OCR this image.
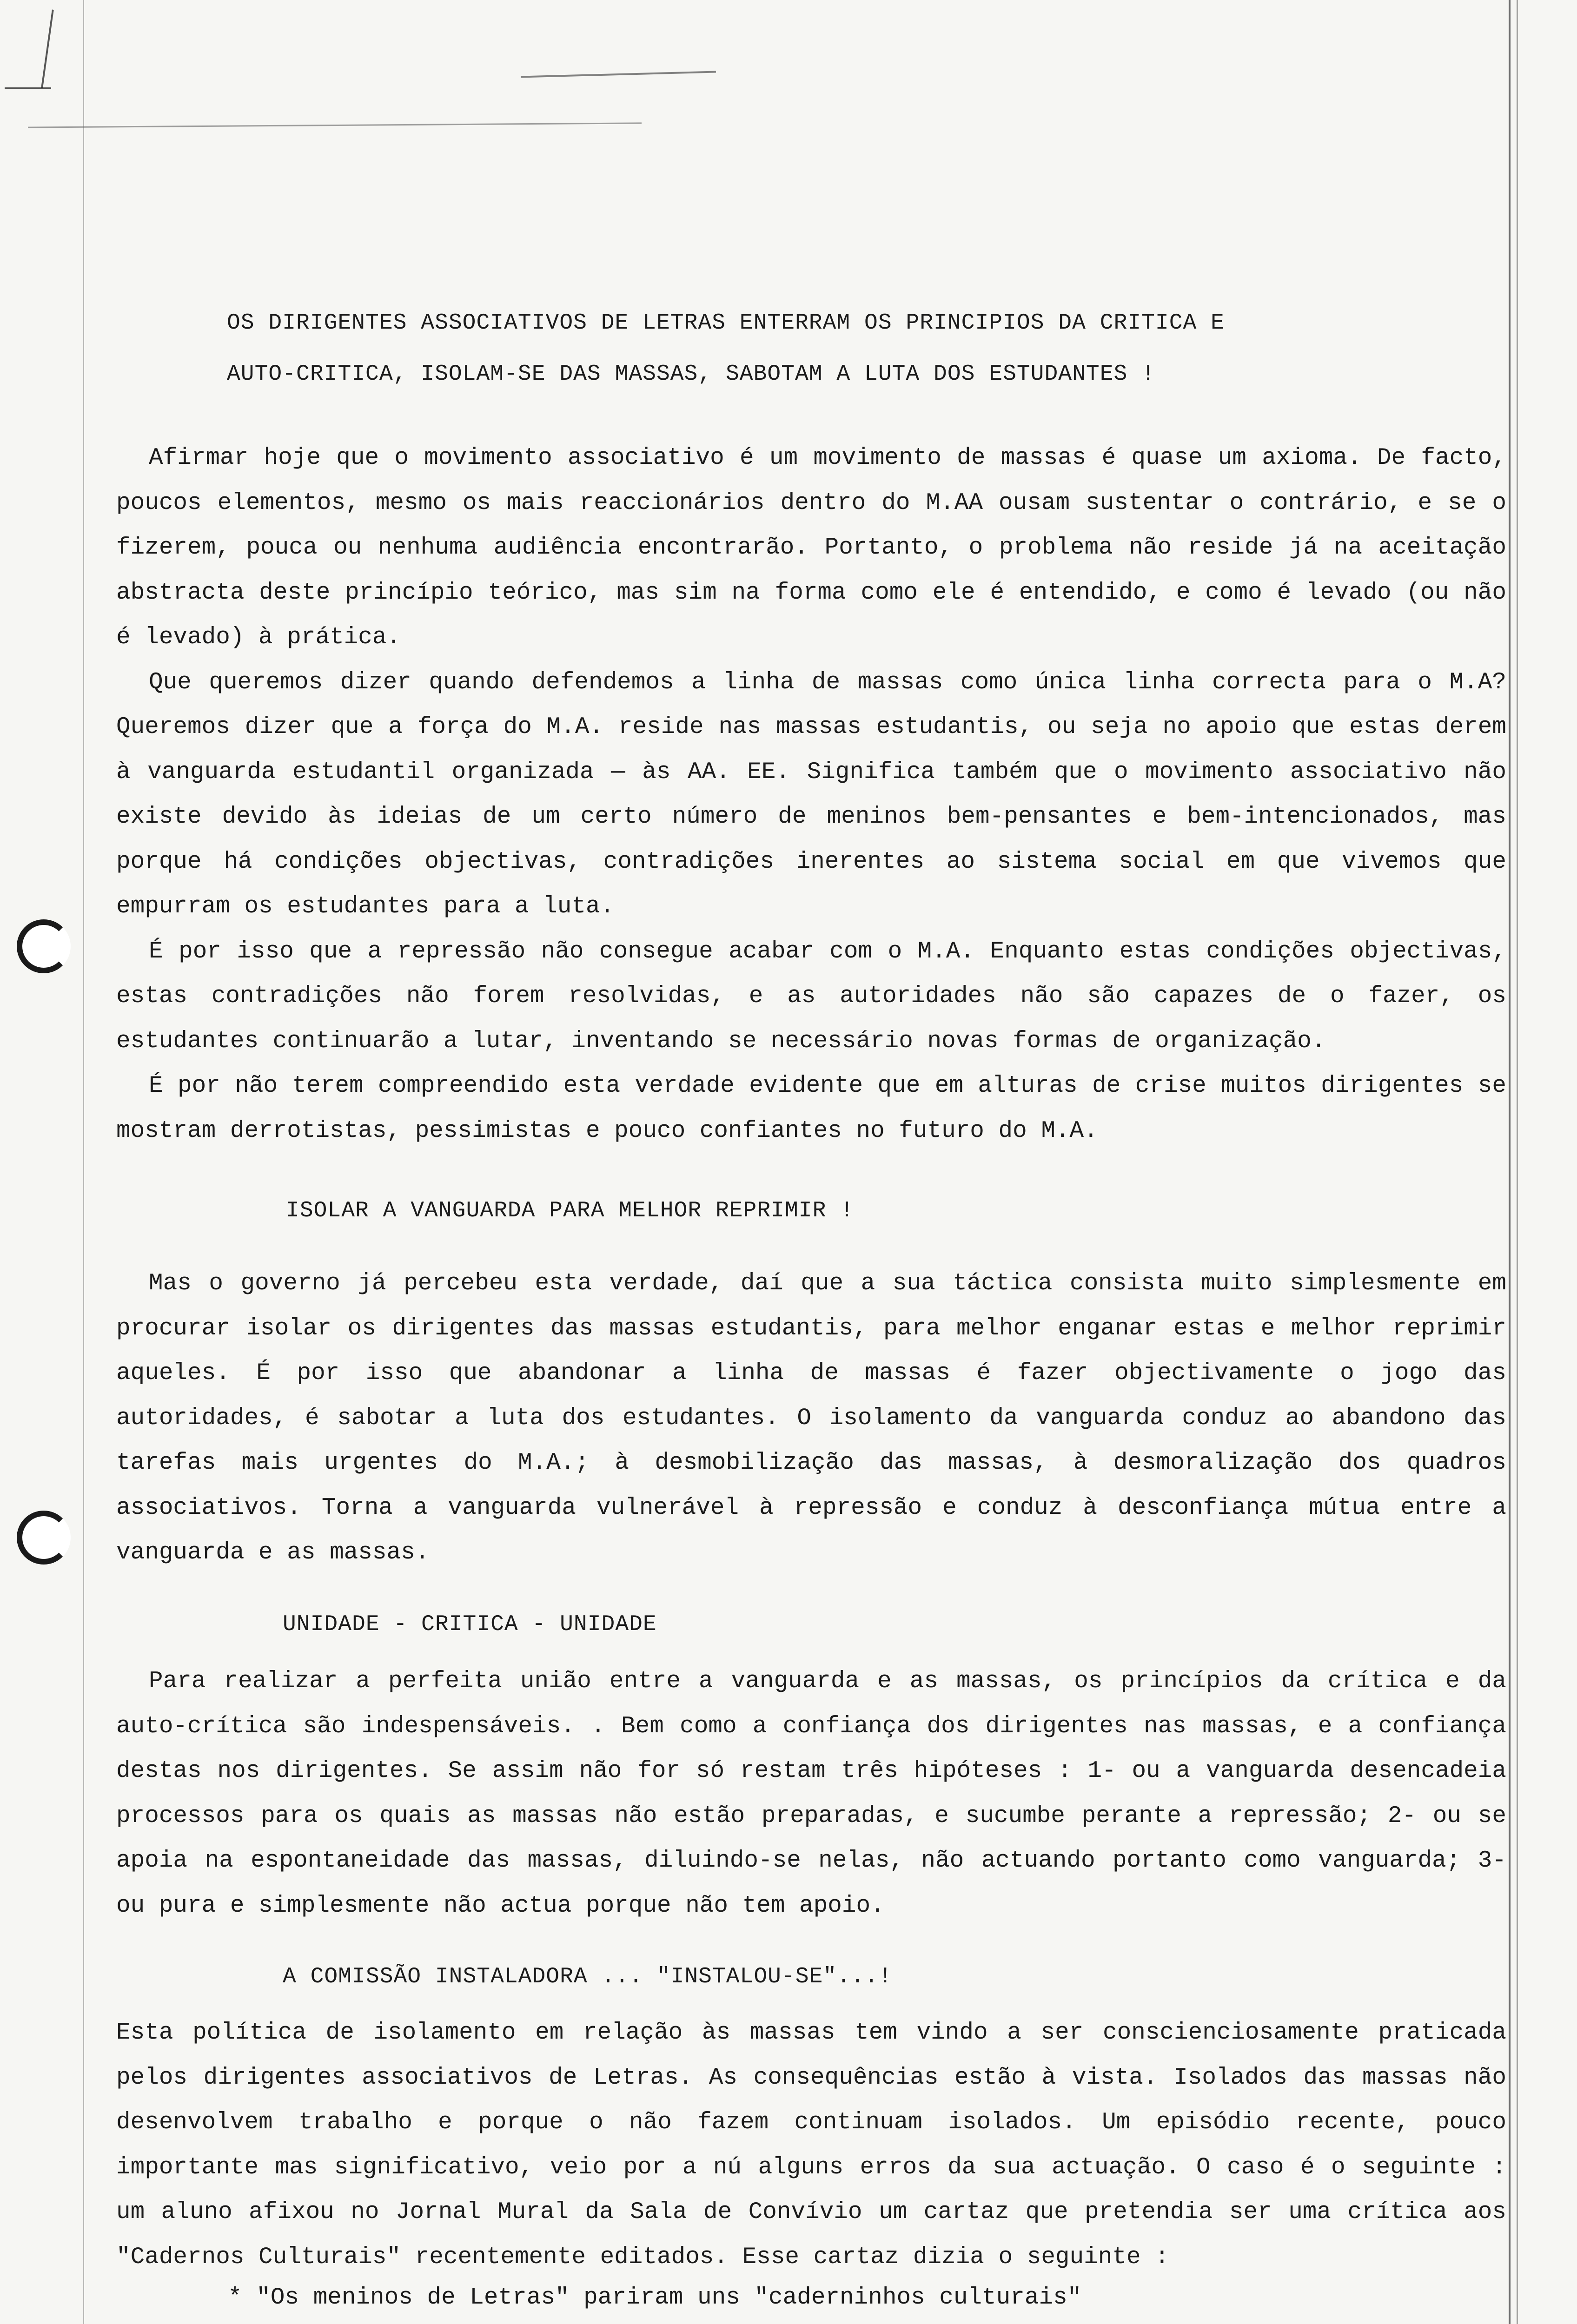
OS DIRIGENTES ASSOCIATIVOS DE LETRAS ENTERRAM OS PRINCIPIOS DA CRITICA E
AUTO-CRITICA, ISOLAM-SE DAS MASSAS, SABOTAM A LUTA DOS ESTUDANTES !

Afirmar hoje que o movimento associativo é um movimento de massas é quase um axioma. De facto, poucos elementos, mesmo os mais reaccionários dentro do M.AA ousam sustentar o contrário, e se o fizerem, pouca ou nenhuma audiência encontrarão. Portanto, o problema não reside já na aceitação abstracta deste princípio teórico, mas sim na forma como ele é entendido, e como é levado (ou não é levado) à prática.

Que queremos dizer quando defendemos a linha de massas como única linha correcta para o M.A? Queremos dizer que a força do M.A. reside nas massas estudantis, ou seja no apoio que estas derem à vanguarda estudantil organizada — às AA. EE. Significa também que o movimento associativo não existe devido às ideias de um certo número de meninos bem-pensantes e bem-intencionados, mas porque há condições objectivas, contradições inerentes ao sistema social em que vivemos que empurram os estudantes para a luta.

É por isso que a repressão não consegue acabar com o M.A. Enquanto estas condições objectivas, estas contradições não forem resolvidas, e as autoridades não são capazes de o fazer, os estudantes continuarão a lutar, inventando se necessário novas formas de organização.

É por não terem compreendido esta verdade evidente que em alturas de crise muitos dirigentes se mostram derrotistas, pessimistas e pouco confiantes no futuro do M.A.

ISOLAR A VANGUARDA PARA MELHOR REPRIMIR !

Mas o governo já percebeu esta verdade, daí que a sua táctica consista muito simplesmente em procurar isolar os dirigentes das massas estudantis, para melhor enganar estas e melhor reprimir aqueles. É por isso que abandonar a linha de massas é fazer objectivamente o jogo das autoridades, é sabotar a luta dos estudantes. O isolamento da vanguarda conduz ao abandono das tarefas mais urgentes do M.A.; à desmobilização das massas, à desmoralização dos quadros associativos. Torna a vanguarda vulnerável à repressão e conduz à desconfiança mútua entre a vanguarda e as massas.

UNIDADE - CRITICA - UNIDADE

Para realizar a perfeita união entre a vanguarda e as massas, os princípios da crítica e da auto-crítica são indespensáveis. . Bem como a confiança dos dirigentes nas massas, e a confiança destas nos dirigentes. Se assim não for só restam três hipóteses : 1- ou a vanguarda desencadeia processos para os quais as massas não estão preparadas, e sucumbe perante a repressão; 2- ou se apoia na espontaneidade das massas, diluindo-se nelas, não actuando portanto como vanguarda; 3- ou pura e simplesmente não actua porque não tem apoio.

A COMISSÃO INSTALADORA ... "INSTALOU-SE"...!

Esta política de isolamento em relação às massas tem vindo a ser conscienciosamente praticada pelos dirigentes associativos de Letras. As consequências estão à vista. Isolados das massas não desenvolvem trabalho e porque o não fazem continuam isolados. Um episódio recente, pouco importante mas significativo, veio por a nú alguns erros da sua actuação. O caso é o seguinte : um aluno afixou no Jornal Mural da Sala de Convívio um cartaz que pretendia ser uma crítica aos "Cadernos Culturais" recentemente editados. Esse cartaz dizia o seguinte :

* "Os meninos de Letras" pariram uns "caderninhos culturais"
